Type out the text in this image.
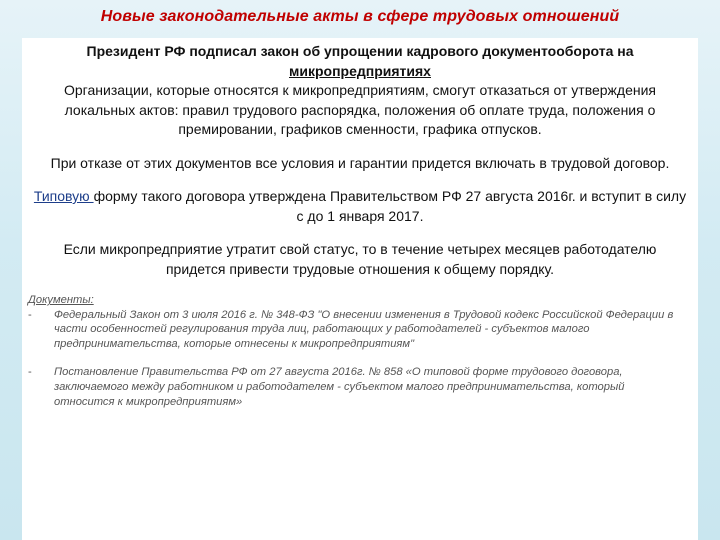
Новые законодательные акты в сфере трудовых отношений
Президент РФ подписал закон об упрощении кадрового документооборота на
микропредприятиях
Организации, которые относятся к микропредприятиям, смогут отказаться от утверждения локальных актов: правил трудового распорядка, положения об оплате труда, положения о премировании, графиков сменности, графика отпусков.
При отказе от этих документов все условия и гарантии придется включать в трудовой договор.
Типовую форму такого договора утверждена Правительством РФ 27 августа 2016г. и вступит в силу с до 1 января 2017.
Если микропредприятие утратит свой статус, то в течение четырех месяцев работодателю придется привести трудовые отношения к общему порядку.
Документы:
-	Федеральный Закон от 3 июля 2016 г. № 348-ФЗ "О внесении изменения в Трудовой кодекс Российской Федерации в части особенностей регулирования труда лиц, работающих у работодателей - субъектов малого предпринимательства, которые отнесены к микропредприятиям"
-	Постановление Правительства РФ от 27 августа 2016г. № 858 «О типовой форме трудового договора, заключаемого между работником и работодателем - субъектом малого предпринимательства, который относится к микропредприятиям»
